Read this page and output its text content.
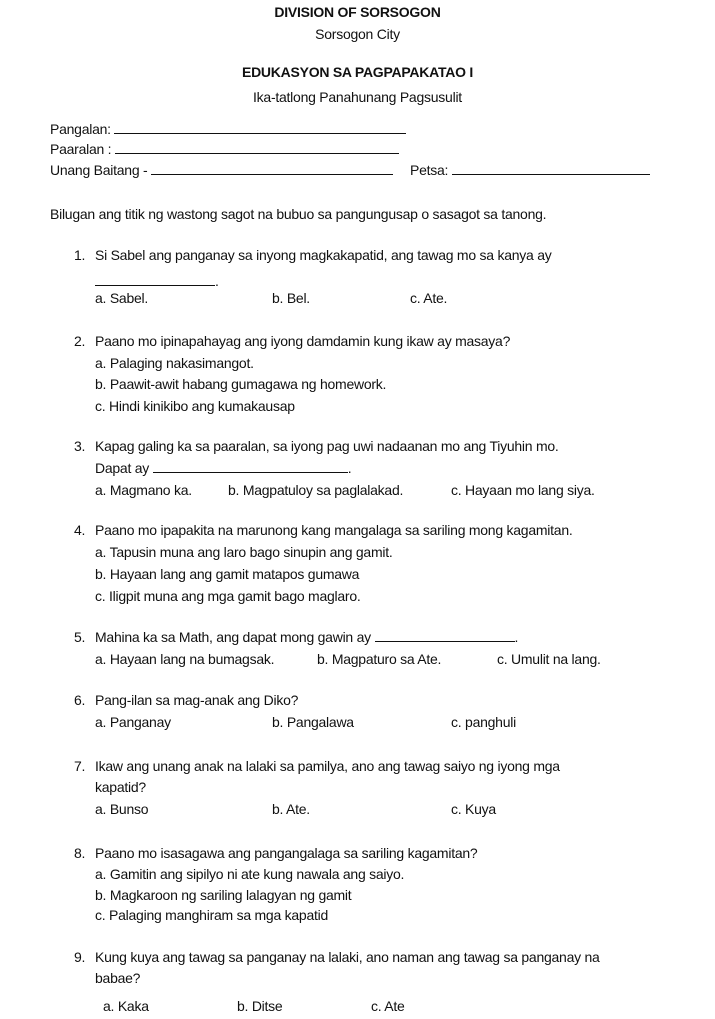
DIVISION OF SORSOGON
Sorsogon City
EDUKASYON SA PAGPAPAKATAO I
Ika-tatlong Panahunang Pagsusulit
Pangalan:
Paaralan :
Unang Baitang -	Petsa:
Bilugan ang titik ng wastong sagot na bubuo sa pangungusap o sasagot sa tanong.
1. Si Sabel ang panganay sa inyong magkakapatid, ang tawag mo sa kanya ay
.
a. Sabel.	b. Bel.	c. Ate.
2. Paano mo ipinapahayag ang iyong damdamin kung ikaw ay masaya?
a. Palaging nakasimangot.
b. Paawit-awit habang gumagawa ng homework.
c. Hindi kinikibo ang kumakausap
3. Kapag galing ka sa paaralan, sa iyong pag uwi nadaanan mo ang Tiyuhin mo.
Dapat ay	.
a. Magmano ka.	b. Magpatuloy sa paglalakad.	c. Hayaan mo lang siya.
4. Paano mo ipapakita na marunong kang mangalaga sa sariling mong kagamitan.
a. Tapusin muna ang laro bago sinupin ang gamit.
b. Hayaan lang ang gamit matapos gumawa
c. Iligpit muna ang mga gamit bago maglaro.
5. Mahina ka sa Math, ang dapat mong gawin ay	.
a. Hayaan lang na bumagsak.	b. Magpaturo sa Ate.	c. Umulit na lang.
6. Pang-ilan sa mag-anak ang Diko?
a. Panganay	b. Pangalawa	c. panghuli
7. Ikaw ang unang anak na lalaki sa pamilya, ano ang tawag saiyo ng iyong mga
kapatid?
a. Bunso	b. Ate.	c. Kuya
8. Paano mo isasagawa ang pangangalaga sa sariling kagamitan?
a. Gamitin ang sipilyo ni ate kung nawala ang saiyo.
b. Magkaroon ng sariling lalagyan ng gamit
c. Palaging manghiram sa mga kapatid
9. Kung kuya ang tawag sa panganay na lalaki, ano naman ang tawag sa panganay na
babae?
a. Kaka	b. Ditse	c. Ate
